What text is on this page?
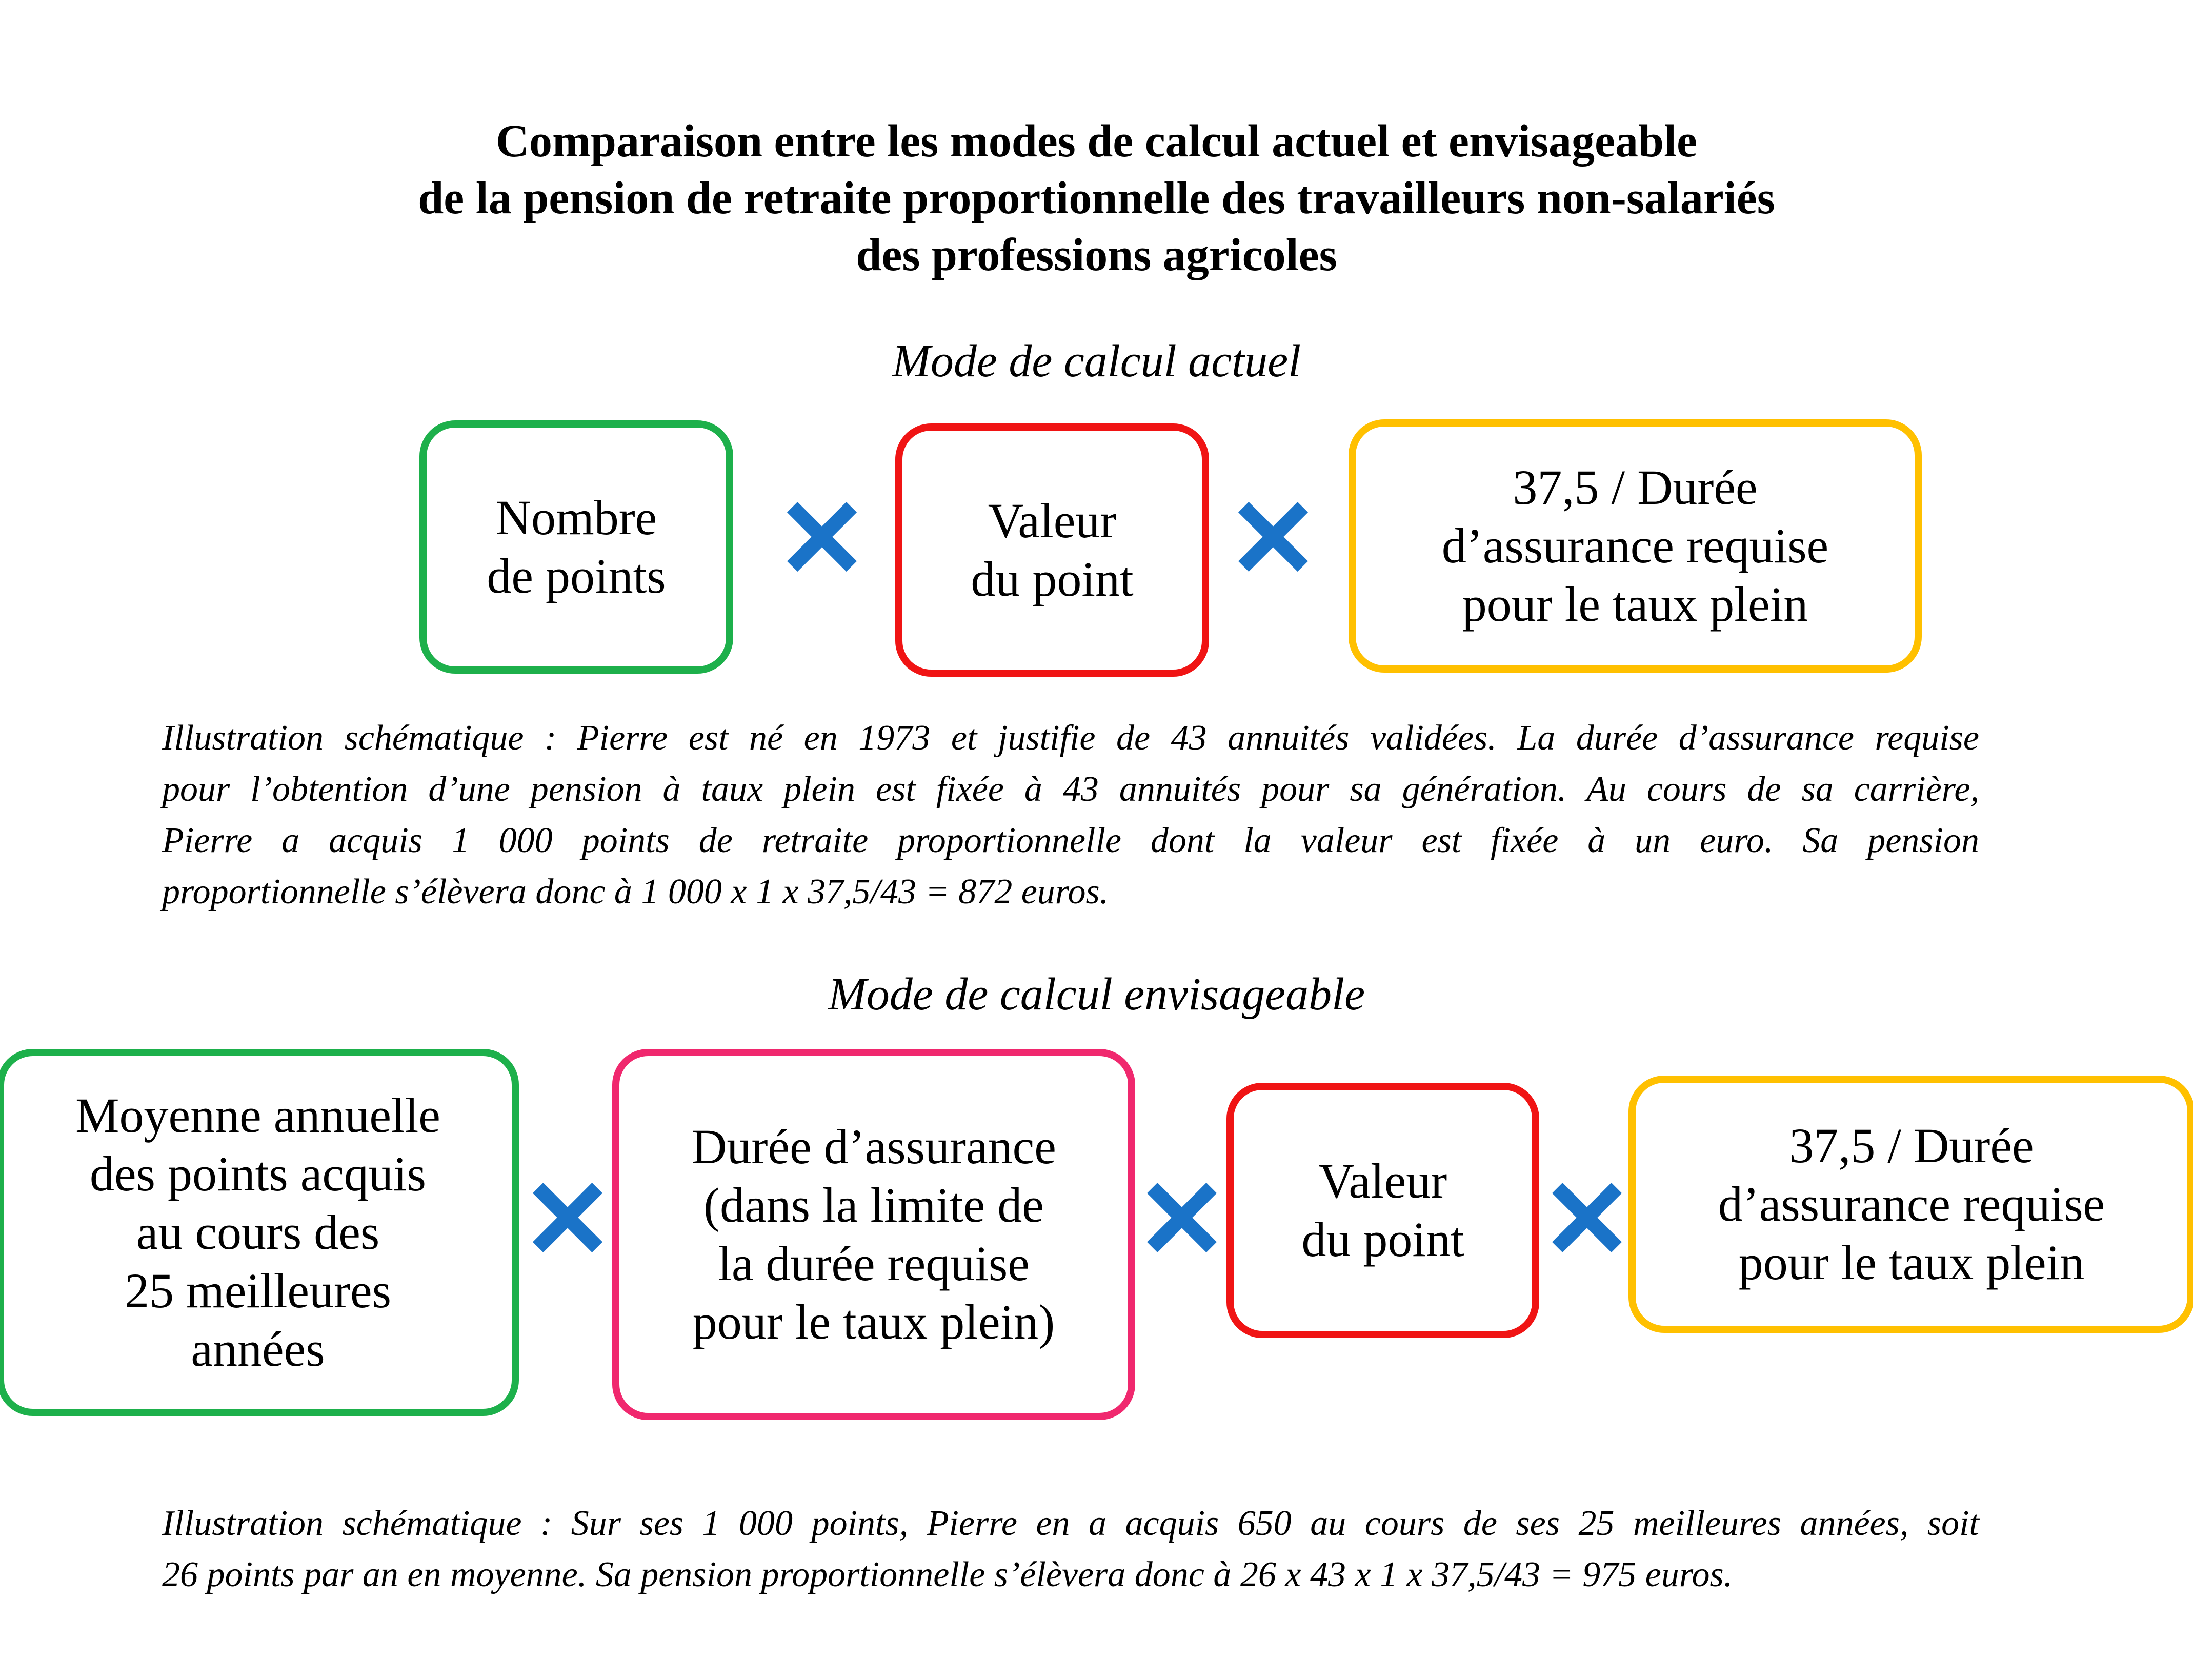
Comparaison entre les modes de calcul actuel et envisageable
de la pension de retraite proportionnelle des travailleurs non-salariés
des professions agricoles
Mode de calcul actuel
Nombre
de points
Valeur
du point
37,5 / Durée
d’assurance requise
pour le taux plein
Illustration schématique : Pierre est né en 1973 et justifie de 43 annuités validées. La durée d’assurance requise
pour l’obtention d’une pension à taux plein est fixée à 43 annuités pour sa génération. Au cours de sa carrière,
Pierre a acquis 1 000 points de retraite proportionnelle dont la valeur est fixée à un euro. Sa pension
proportionnelle s’élèvera donc à 1 000 x 1 x 37,5/43 = 872 euros.
Mode de calcul envisageable
Moyenne annuelle
des points acquis
au cours des
25 meilleures
années
Durée d’assurance
(dans la limite de
la durée requise
pour le taux plein)
Valeur
du point
37,5 / Durée
d’assurance requise
pour le taux plein
Illustration schématique : Sur ses 1 000 points, Pierre en a acquis 650 au cours de ses 25 meilleures années, soit
26 points par an en moyenne. Sa pension proportionnelle s’élèvera donc à 26 x 43 x 1 x 37,5/43 = 975 euros.
